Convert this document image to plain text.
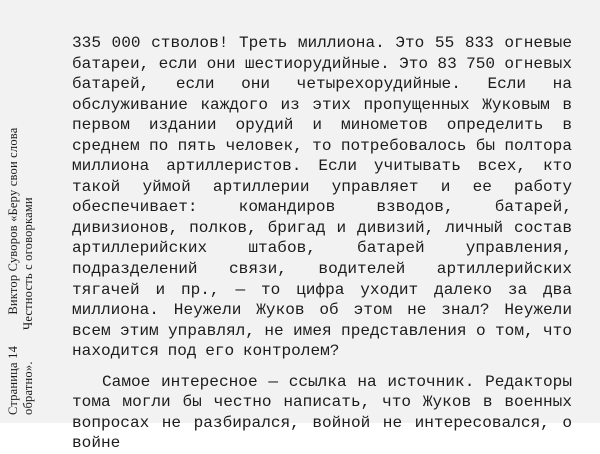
Страница 14 Виктор Суворов «Беру свои слова
обратно». Честность с оговорками

335 000 стволов! Треть миллиона. Это 55 833 огневые батареи, если они шестиорудийные. Это 83 750 огневых батарей, если они четырехорудийные. Если на обслуживание каждого из этих пропущенных Жуковым в первом издании орудий и минометов определить в среднем по пять человек, то потребовалось бы полтора миллиона артиллеристов. Если учитывать всех, кто такой уймой артиллерии управляет и ее работу обеспечивает: командиров взводов, батарей, дивизионов, полков, бригад и дивизий, личный состав артиллерийских штабов, батарей управления, подразделений связи, водителей артиллерийских тягачей и пр., — то цифра уходит далеко за два миллиона. Неужели Жуков об этом не знал? Неужели всем этим управлял, не имея представления о том, что находится под его контролем?

Самое интересное — ссылка на источник. Редакторы тома могли бы честно написать, что Жуков в военных вопросах не разбирался, войной не интересовался, о войне
